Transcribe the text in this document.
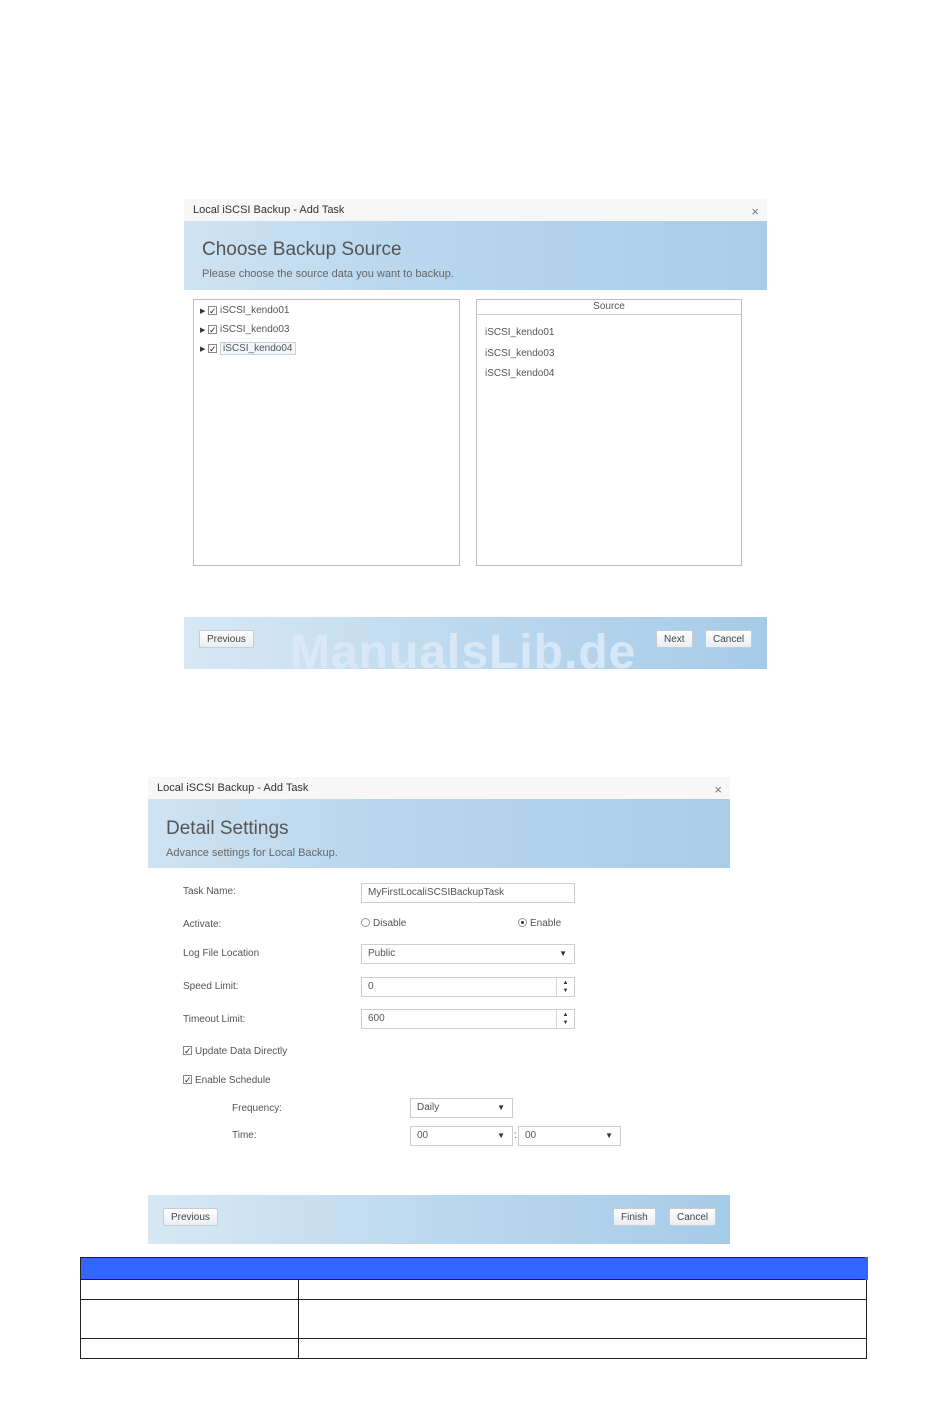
Local iSCSI Backup - Add Task	×
Choose Backup Source
Please choose the source data you want to backup.
▶ ✓ iSCSI_kendo01
▶ ✓ iSCSI_kendo03
▶ ✓ iSCSI_kendo04
Source
iSCSI_kendo01
iSCSI_kendo03
iSCSI_kendo04
Previous	Next	Cancel
ManualsLib.de
Local iSCSI Backup - Add Task	×
Detail Settings
Advance settings for Local Backup.
Task Name:	MyFirstLocaliSCSIBackupTask
Activate:	Disable	Enable
Log File Location	Public	▼
Speed Limit:	0	▲
▼
Timeout Limit:	600	▲
▼
✓ Update Data Directly
✓ Enable Schedule
Frequency:	Daily	▼
Time:	00	▼ : 00	▼
Previous	Finish	Cancel
